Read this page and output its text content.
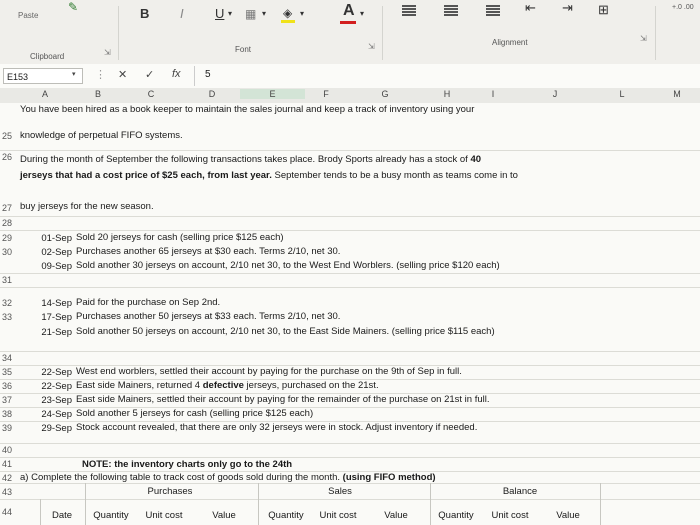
Paste
Clipboard	⇲
✎	B I U ▾ ▦ ▾ ◈ ▾ A ▾
Font	⇲
⇤ ⇥ ⊞
Alignment	⇲
+.0 .00
E153	▾ ⋮ ✕ ✓ fx 5
A	B	C	D	E	F	G	H	I	J	L	M
You have been hired as a book keeper to maintain the sales journal and keep a track of inventory using your
25 knowledge of perpetual FIFO systems.
26 During the month of September the following transactions takes place. Brody Sports already has a stock of 40
jerseys that had a cost price of $25 each, from last year. September tends to be a busy month as teams come in to
27 buy jerseys for the new season.
28
29	01-Sep Sold 20 jerseys for cash (selling price $125 each)
30	02-Sep Purchases another 65 jerseys at $30 each. Terms 2/10, net 30.
09-Sep Sold another 30 jerseys on account, 2/10 net 30, to the West End Worblers. (selling price $120 each)
31
32	14-Sep Paid for the purchase on Sep 2nd.
33	17-Sep Purchases another 50 jerseys at $33 each. Terms 2/10, net 30.
21-Sep Sold another 50 jerseys on account, 2/10 net 30, to the East Side Mainers. (selling price $115 each)
34
35	22-Sep West end worblers, settled their account by paying for the purchase on the 9th of Sep in full.
36	22-Sep East side Mainers, returned 4 defective jerseys, purchased on the 21st.
37	23-Sep East side Mainers, settled their account by paying for the remainder of the purchase on 21st in full.
38	24-Sep Sold another 5 jerseys for cash (selling price $125 each)
39	29-Sep Stock account revealed, that there are only 32 jerseys were in stock. Adjust inventory if needed.
40
41	NOTE: the inventory charts only go to the 24th
42 a) Complete the following table to track cost of goods sold during the month. (using FIFO method)
43	Purchases	Sales	Balance
44	Date	Quantity	Unit cost	Value	Quantity	Unit cost	Value	Quantity	Unit cost	Value
